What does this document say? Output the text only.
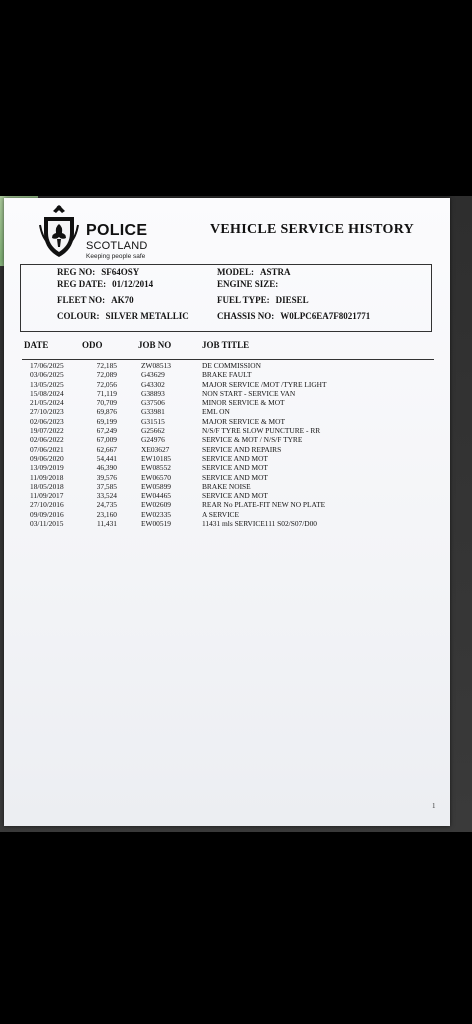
POLICE
SCOTLAND
Keeping people safe
VEHICLE SERVICE HISTORY
REG NO: SF64OSY
REG DATE: 01/12/2014
FLEET NO: AK70
COLOUR: SILVER METALLIC
MODEL: ASTRA
ENGINE SIZE:
FUEL TYPE: DIESEL
CHASSIS NO: W0LPC6EA7F8021771
DATE	ODO	JOB NO	JOB TITLE
17/06/2025	72,185	ZW08513	DE COMMISSION
03/06/2025	72,089	G43629	BRAKE FAULT
13/05/2025	72,056	G43302	MAJOR SERVICE /MOT /TYRE LIGHT
15/08/2024	71,119	G38893	NON START - SERVICE VAN
21/05/2024	70,709	G37506	MINOR SERVICE & MOT
27/10/2023	69,876	G33981	EML ON
02/06/2023	69,199	G31515	MAJOR SERVICE & MOT
19/07/2022	67,249	G25662	N/S/F TYRE SLOW PUNCTURE - RR
02/06/2022	67,009	G24976	SERVICE & MOT / N/S/F TYRE
07/06/2021	62,667	XE03627	SERVICE AND REPAIRS
09/06/2020	54,441	EW10185	SERVICE AND MOT
13/09/2019	46,390	EW08552	SERVICE AND MOT
11/09/2018	39,576	EW06570	SERVICE AND MOT
18/05/2018	37,585	EW05899	BRAKE NOISE
11/09/2017	33,524	EW04465	SERVICE AND MOT
27/10/2016	24,735	EW02609	REAR No PLATE-FIT NEW NO PLATE
09/09/2016	23,160	EW02335	A SERVICE
03/11/2015	11,431	EW00519	11431 mls SERVICE111 S02/S07/D00
1
